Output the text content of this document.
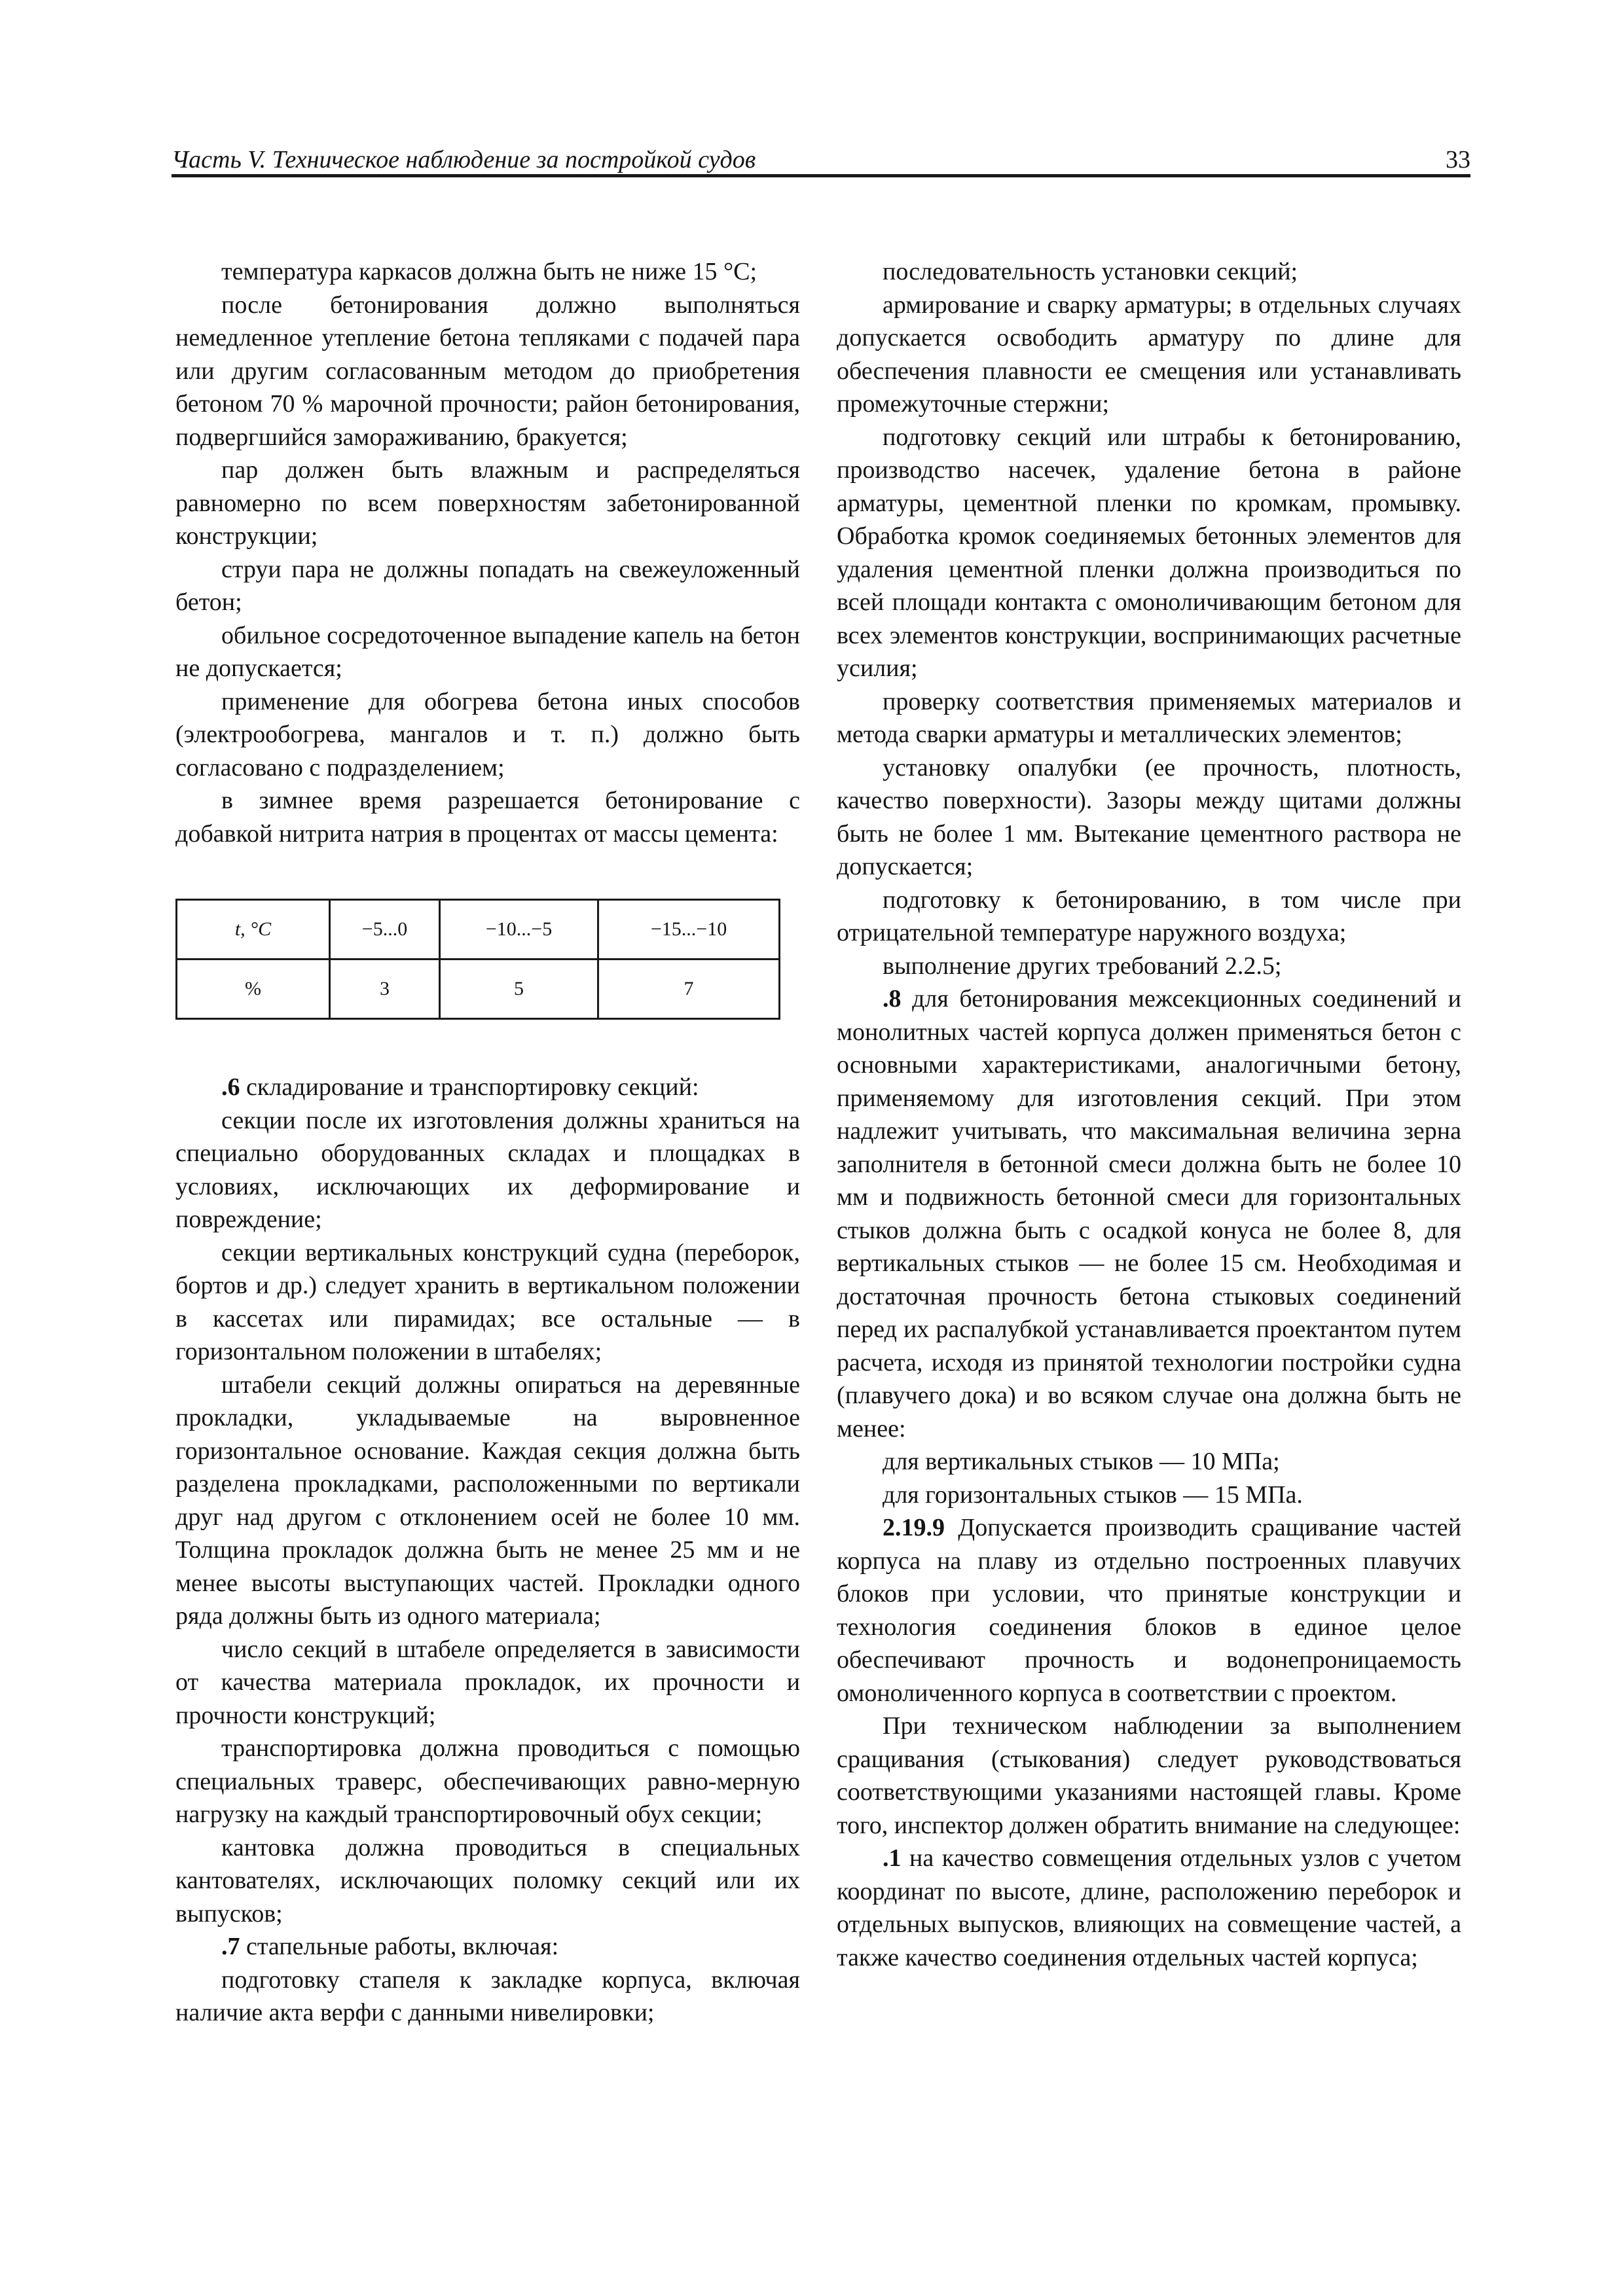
Часть V. Техническое наблюдение за постройкой судов	33

температура каркасов должна быть не ниже 15 °С;

после бетонирования должно выполняться немедленное утепление бетона тепляками с подачей пара или другим согласованным методом до приобретения бетоном 70 % марочной прочности; район бетонирования, подвергшийся замораживанию, бракуется;

пар должен быть влажным и распределяться равномерно по всем поверхностям забетонированной конструкции;

струи пара не должны попадать на свежеуложенный бетон;

обильное сосредоточенное выпадение капель на бетон не допускается;

применение для обогрева бетона иных способов (электрообогрева, мангалов и т. п.) должно быть согласовано с подразделением;

в зимнее время разрешается бетонирование с добавкой нитрита натрия в процентах от массы цемента:

t, °C	−5...0	−10...−5	−15...−10
%	3	5	7

.6 складирование и транспортировку секций:

секции после их изготовления должны храниться на специально оборудованных складах и площадках в условиях, исключающих их деформирование и повреждение;

секции вертикальных конструкций судна (переборок, бортов и др.) следует хранить в вертикальном положении в кассетах или пирамидах; все остальные — в горизонтальном положении в штабелях;

штабели секций должны опираться на деревянные прокладки, укладываемые на выровненное горизонтальное основание. Каждая секция должна быть разделена прокладками, расположенными по вертикали друг над другом с отклонением осей не более 10 мм. Толщина прокладок должна быть не менее 25 мм и не менее высоты выступающих частей. Прокладки одного ряда должны быть из одного материала;

число секций в штабеле определяется в зависимости от качества материала прокладок, их прочности и прочности конструкций;

транспортировка должна проводиться с помощью специальных траверс, обеспечивающих равно-мерную нагрузку на каждый транспортировочный обух секции;

кантовка должна проводиться в специальных кантователях, исключающих поломку секций или их выпусков;

.7 стапельные работы, включая:

подготовку стапеля к закладке корпуса, включая наличие акта верфи с данными нивелировки;

последовательность установки секций;

армирование и сварку арматуры; в отдельных случаях допускается освободить арматуру по длине для обеспечения плавности ее смещения или устанавливать промежуточные стержни;

подготовку секций или штрабы к бетонированию, производство насечек, удаление бетона в районе арматуры, цементной пленки по кромкам, промывку. Обработка кромок соединяемых бетонных элементов для удаления цементной пленки должна производиться по всей площади контакта с омоноличивающим бетоном для всех элементов конструкции, воспринимающих расчетные усилия;

проверку соответствия применяемых материалов и метода сварки арматуры и металлических элементов;

установку опалубки (ее прочность, плотность, качество поверхности). Зазоры между щитами должны быть не более 1 мм. Вытекание цементного раствора не допускается;

подготовку к бетонированию, в том числе при отрицательной температуре наружного воздуха;

выполнение других требований 2.2.5;

.8 для бетонирования межсекционных соединений и монолитных частей корпуса должен применяться бетон с основными характеристиками, аналогичными бетону, применяемому для изготовления секций. При этом надлежит учитывать, что максимальная величина зерна заполнителя в бетонной смеси должна быть не более 10 мм и подвижность бетонной смеси для горизонтальных стыков должна быть с осадкой конуса не более 8, для вертикальных стыков — не более 15 см. Необходимая и достаточная прочность бетона стыковых соединений перед их распалубкой устанавливается проектантом путем расчета, исходя из принятой технологии постройки судна (плавучего дока) и во всяком случае она должна быть не менее:

для вертикальных стыков — 10 МПа;

для горизонтальных стыков — 15 МПа.

2.19.9 Допускается производить сращивание частей корпуса на плаву из отдельно построенных плавучих блоков при условии, что принятые конструкции и технология соединения блоков в единое целое обеспечивают прочность и водонепроницаемость омоноличенного корпуса в соответствии с проектом.

При техническом наблюдении за выполнением сращивания (стыкования) следует руководствоваться соответствующими указаниями настоящей главы. Кроме того, инспектор должен обратить внимание на следующее:

.1 на качество совмещения отдельных узлов с учетом координат по высоте, длине, расположению переборок и отдельных выпусков, влияющих на совмещение частей, а также качество соединения отдельных частей корпуса;
